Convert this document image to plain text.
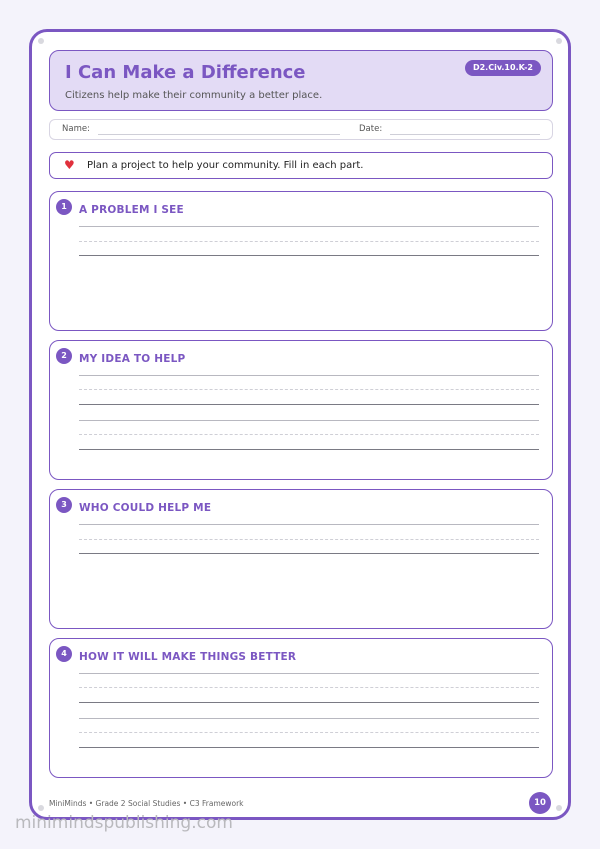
I Can Make a Difference
Citizens help make their community a better place.
D2.Civ.10.K-2
Name:	Date:
♥ Plan a project to help your community. Fill in each part.
1	A PROBLEM I SEE
2	MY IDEA TO HELP
3	WHO COULD HELP ME
4	HOW IT WILL MAKE THINGS BETTER
MiniMinds • Grade 2 Social Studies • C3 Framework	10
minimindspublishing.com
